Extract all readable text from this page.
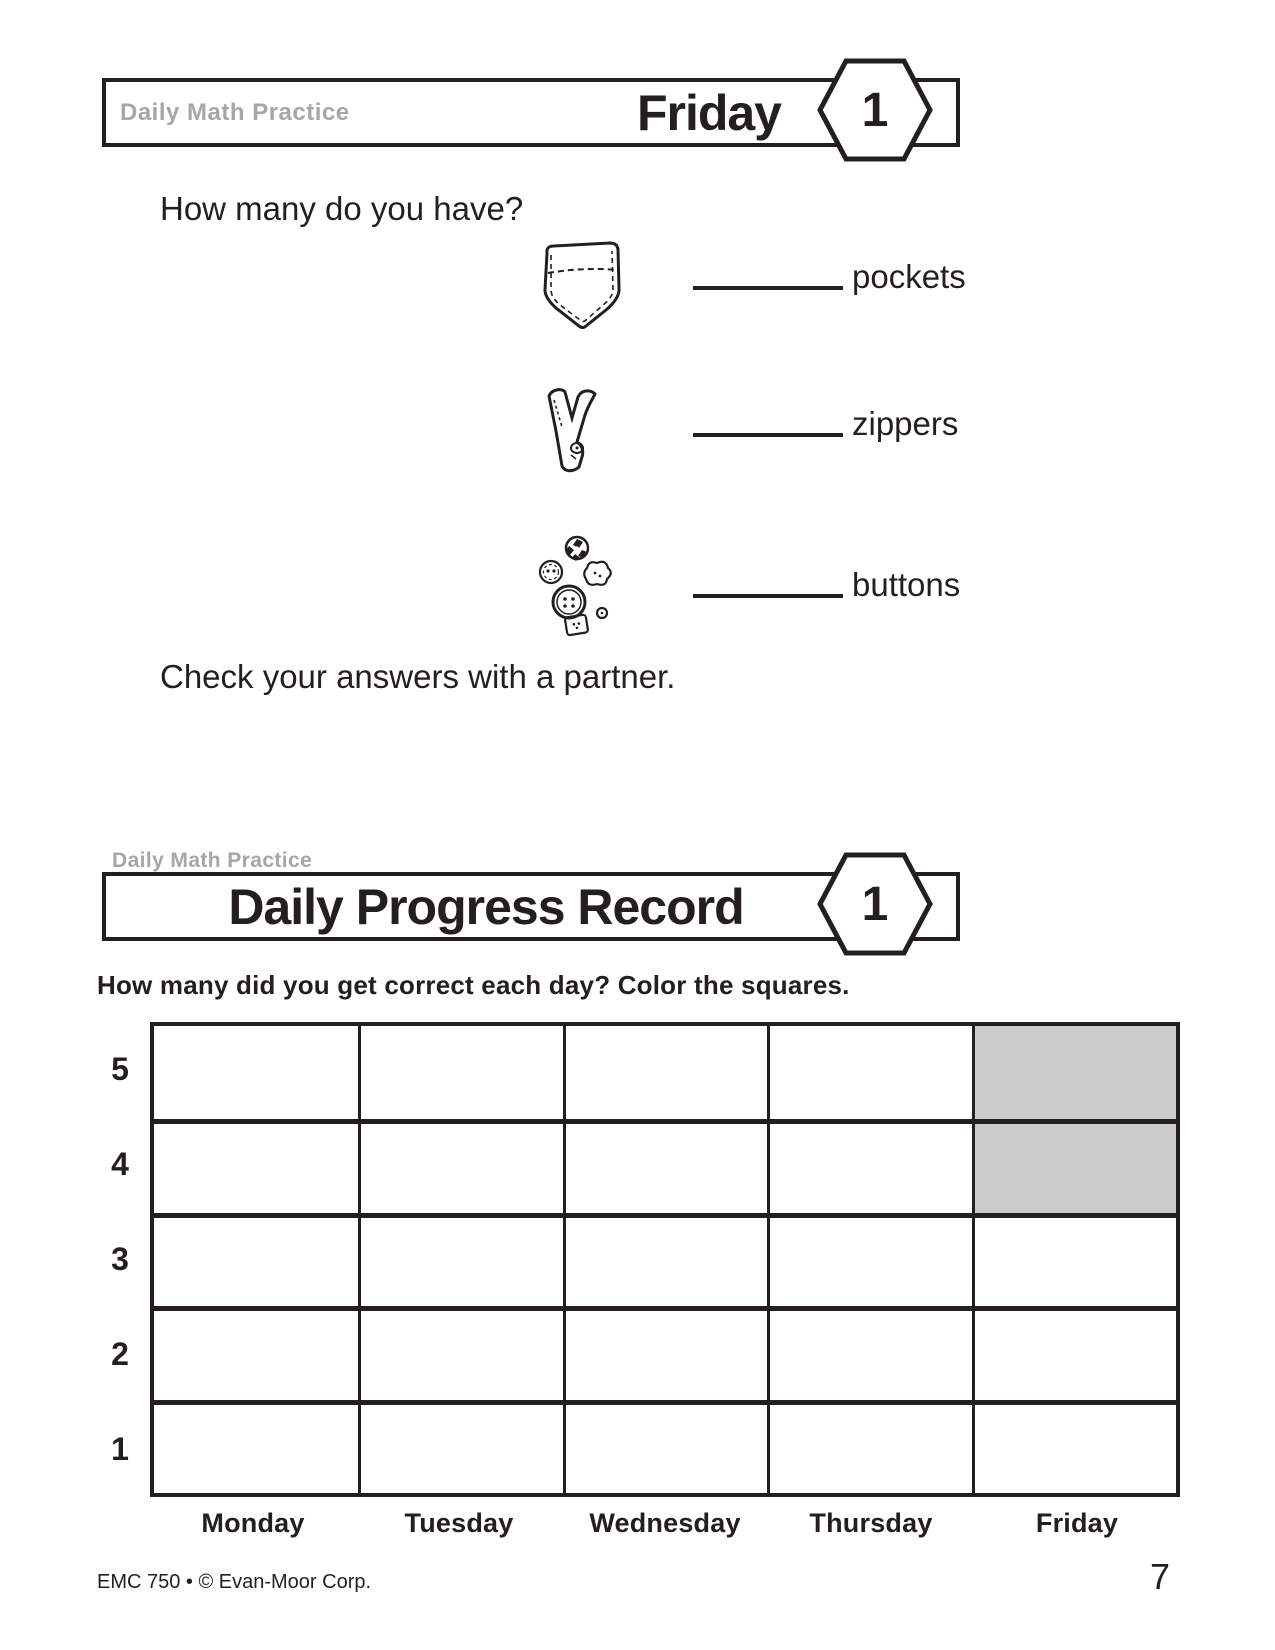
Daily Math Practice	Friday	1
How many do you have?
pockets
zippers
buttons
Check your answers with a partner.
Daily Math Practice
Daily Progress Record	1
How many did you get correct each day? Color the squares.
5
4
3
2
1
Monday	Tuesday	Wednesday	Thursday	Friday
EMC 750 • © Evan-Moor Corp.	7
